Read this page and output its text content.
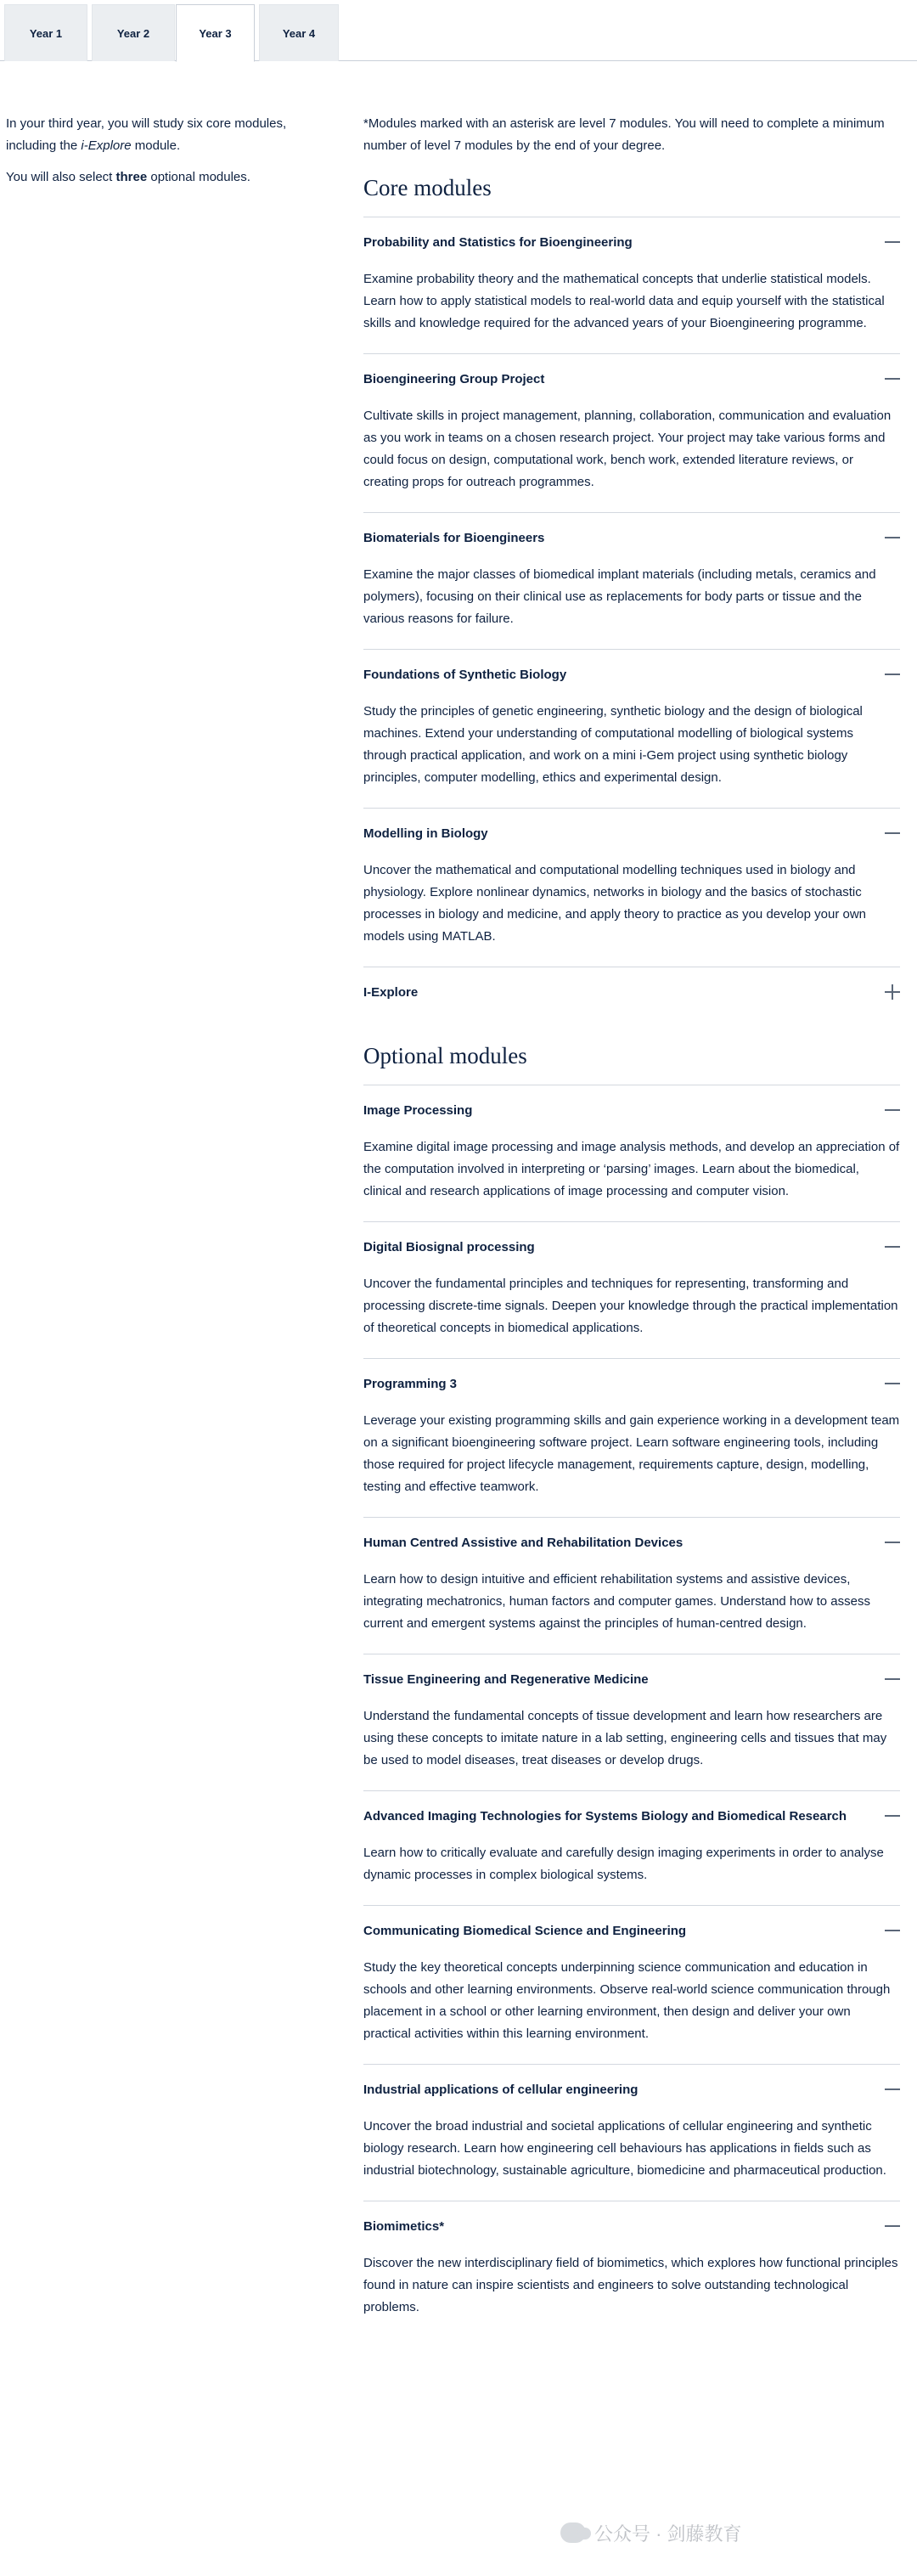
Year 1	Year 2	Year 3	Year 4

In your third year, you will study six core modules, including the i-Explore module.

You will also select three optional modules.

*Modules marked with an asterisk are level 7 modules. You will need to complete a minimum number of level 7 modules by the end of your degree.

Core modules
Probability and Statistics for Bioengineering

Examine probability theory and the mathematical concepts that underlie statistical models. Learn how to apply statistical models to real-world data and equip yourself with the statistical skills and knowledge required for the advanced years of your Bioengineering programme.

Bioengineering Group Project

Cultivate skills in project management, planning, collaboration, communication and evaluation as you work in teams on a chosen research project. Your project may take various forms and could focus on design, computational work, bench work, extended literature reviews, or creating props for outreach programmes.

Biomaterials for Bioengineers

Examine the major classes of biomedical implant materials (including metals, ceramics and polymers), focusing on their clinical use as replacements for body parts or tissue and the various reasons for failure.

Foundations of Synthetic Biology

Study the principles of genetic engineering, synthetic biology and the design of biological machines. Extend your understanding of computational modelling of biological systems through practical application, and work on a mini i-Gem project using synthetic biology principles, computer modelling, ethics and experimental design.

Modelling in Biology

Uncover the mathematical and computational modelling techniques used in biology and physiology. Explore nonlinear dynamics, networks in biology and the basics of stochastic processes in biology and medicine, and apply theory to practice as you develop your own models using MATLAB.

I-Explore
Optional modules
Image Processing

Examine digital image processing and image analysis methods, and develop an appreciation of the computation involved in interpreting or ‘parsing’ images. Learn about the biomedical, clinical and research applications of image processing and computer vision.

Digital Biosignal processing

Uncover the fundamental principles and techniques for representing, transforming and processing discrete-time signals. Deepen your knowledge through the practical implementation of theoretical concepts in biomedical applications.

Programming 3

Leverage your existing programming skills and gain experience working in a development team on a significant bioengineering software project. Learn software engineering tools, including those required for project lifecycle management, requirements capture, design, modelling, testing and effective teamwork.

Human Centred Assistive and Rehabilitation Devices

Learn how to design intuitive and efficient rehabilitation systems and assistive devices, integrating mechatronics, human factors and computer games. Understand how to assess current and emergent systems against the principles of human-centred design.

Tissue Engineering and Regenerative Medicine

Understand the fundamental concepts of tissue development and learn how researchers are using these concepts to imitate nature in a lab setting, engineering cells and tissues that may be used to model diseases, treat diseases or develop drugs.

Advanced Imaging Technologies for Systems Biology and Biomedical Research

Learn how to critically evaluate and carefully design imaging experiments in order to analyse dynamic processes in complex biological systems.

Communicating Biomedical Science and Engineering

Study the key theoretical concepts underpinning science communication and education in schools and other learning environments. Observe real-world science communication through placement in a school or other learning environment, then design and deliver your own practical activities within this learning environment.

Industrial applications of cellular engineering

Uncover the broad industrial and societal applications of cellular engineering and synthetic biology research. Learn how engineering cell behaviours has applications in fields such as industrial biotechnology, sustainable agriculture, biomedicine and pharmaceutical production.

Biomimetics*

Discover the new interdisciplinary field of biomimetics, which explores how functional principles found in nature can inspire scientists and engineers to solve outstanding technological problems.

公众号 · 剑藤教育
